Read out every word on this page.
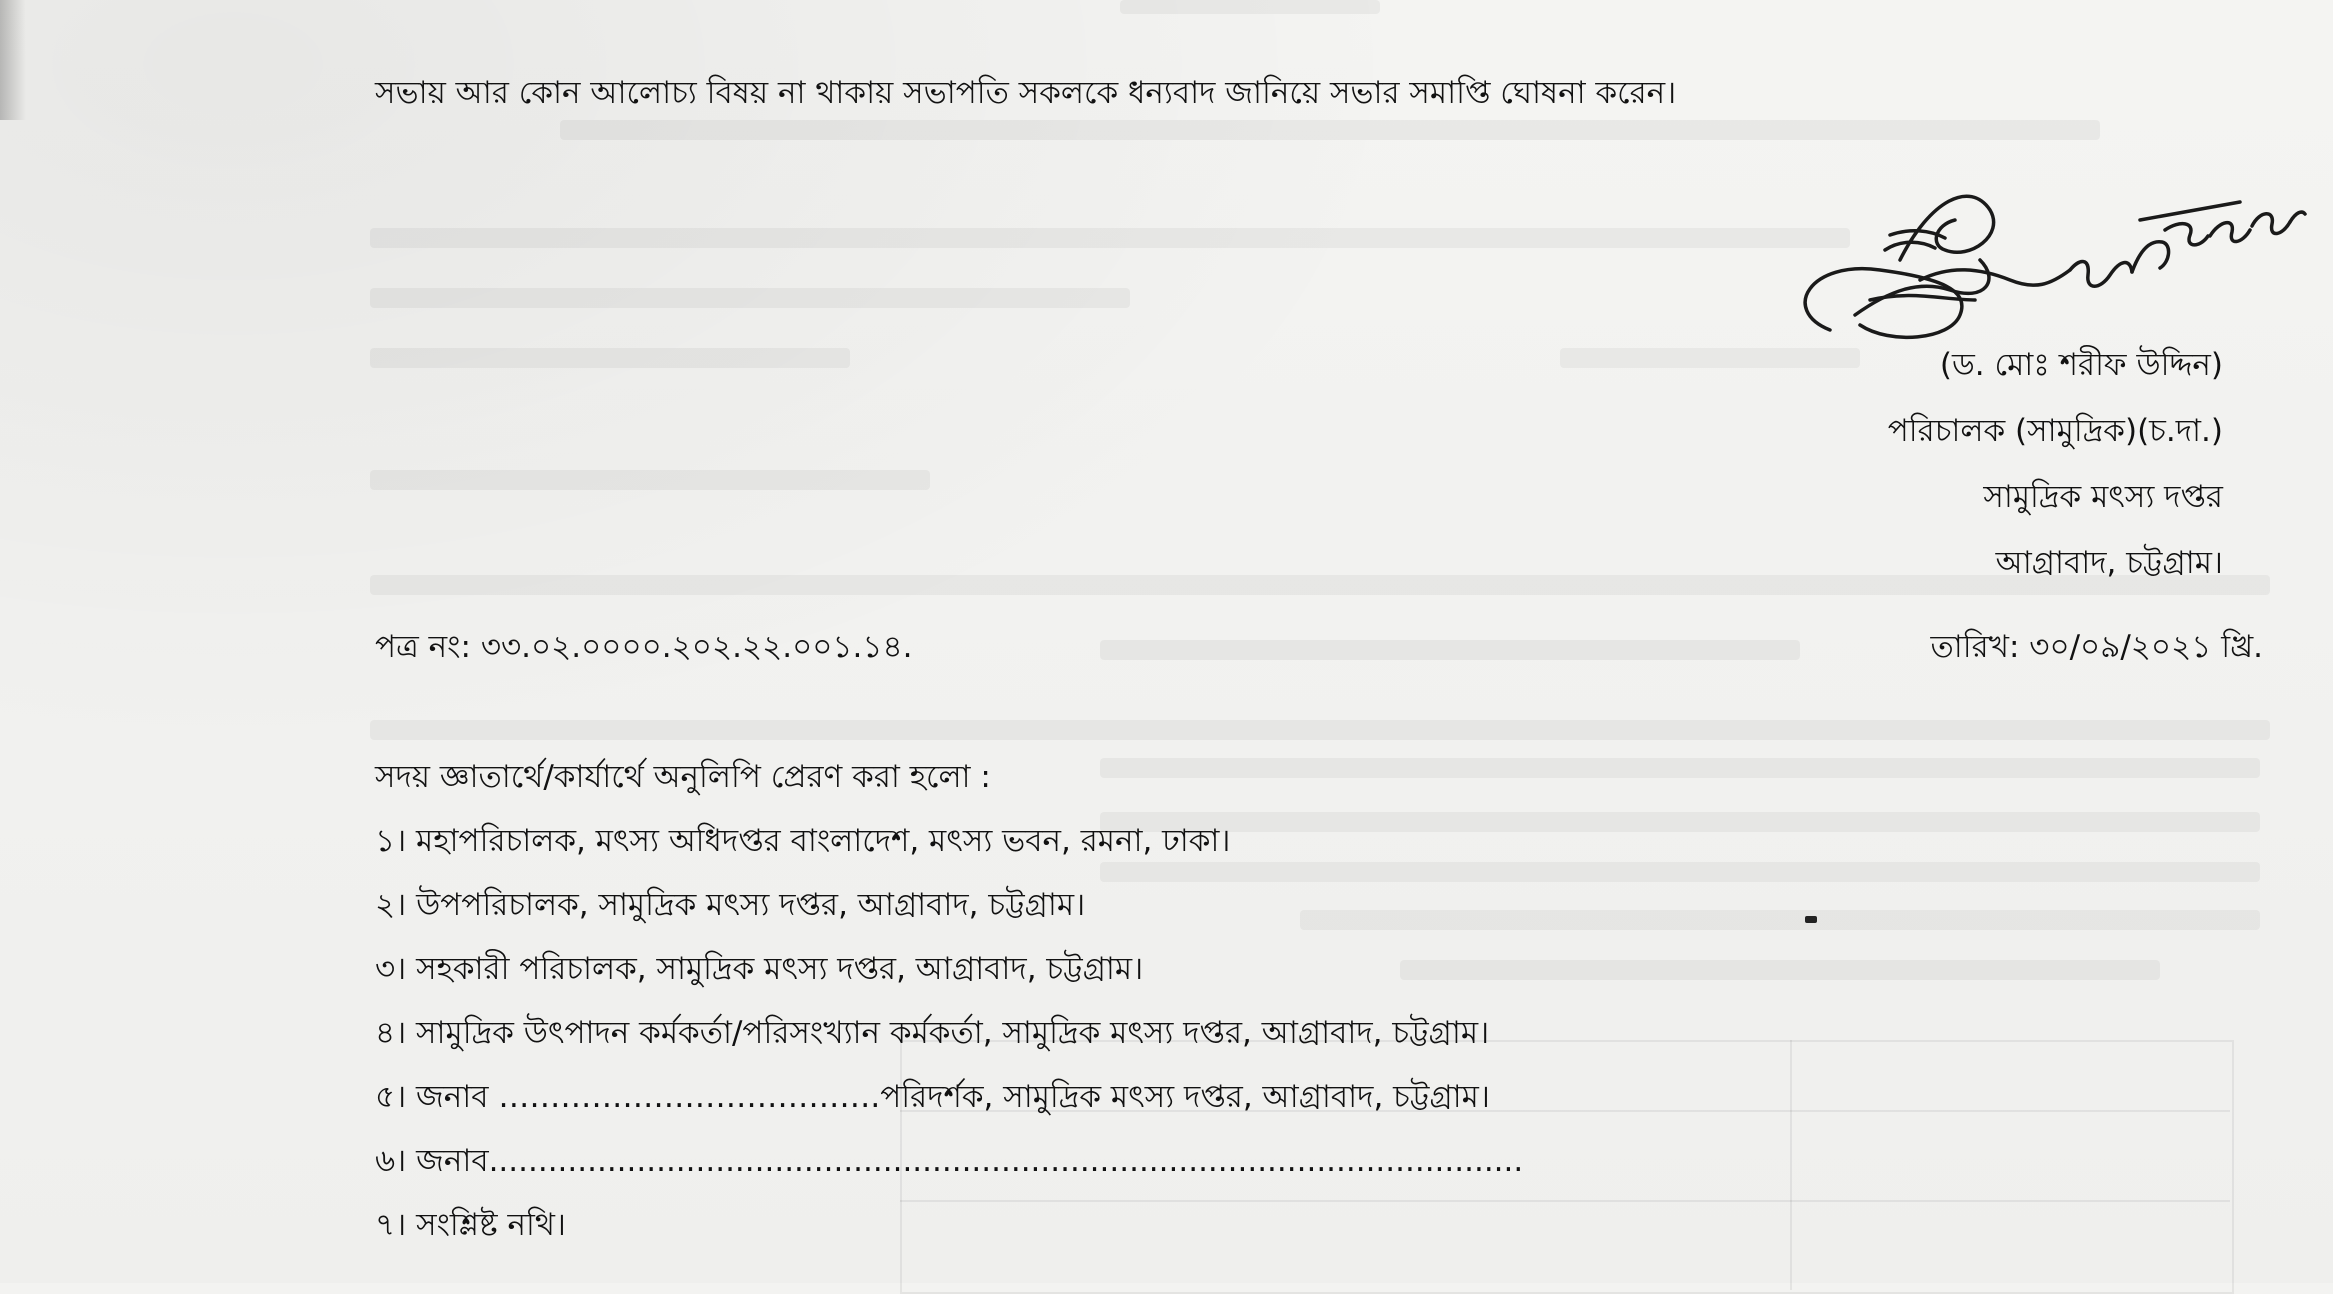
সভায় আর কোন আলোচ্য বিষয় না থাকায় সভাপতি সকলকে ধন্যবাদ জানিয়ে সভার সমাপ্তি ঘোষনা করেন।
(ড. মোঃ শরীফ উদ্দিন)
পরিচালক (সামুদ্রিক)(চ.দা.)
সামুদ্রিক মৎস্য দপ্তর
আগ্রাবাদ, চট্টগ্রাম।
পত্র নং: ৩৩.০২.০০০০.২০২.২২.০০১.১৪.	তারিখ: ৩০/০৯/২০২১ খ্রি.
সদয় জ্ঞাতার্থে/কার্যার্থে অনুলিপি প্রেরণ করা হলো :
১। মহাপরিচালক, মৎস্য অধিদপ্তর বাংলাদেশ, মৎস্য ভবন, রমনা, ঢাকা।
২। উপপরিচালক, সামুদ্রিক মৎস্য দপ্তর, আগ্রাবাদ, চট্টগ্রাম।
৩। সহকারী পরিচালক, সামুদ্রিক মৎস্য দপ্তর, আগ্রাবাদ, চট্টগ্রাম।
৪। সামুদ্রিক উৎপাদন কর্মকর্তা/পরিসংখ্যান কর্মকর্তা, সামুদ্রিক মৎস্য দপ্তর, আগ্রাবাদ, চট্টগ্রাম।
৫। জনাব ……………………………….পরিদর্শক, সামুদ্রিক মৎস্য দপ্তর, আগ্রাবাদ, চট্টগ্রাম।
৬। জনাব.........................................................................................................
৭। সংশ্লিষ্ট নথি।
